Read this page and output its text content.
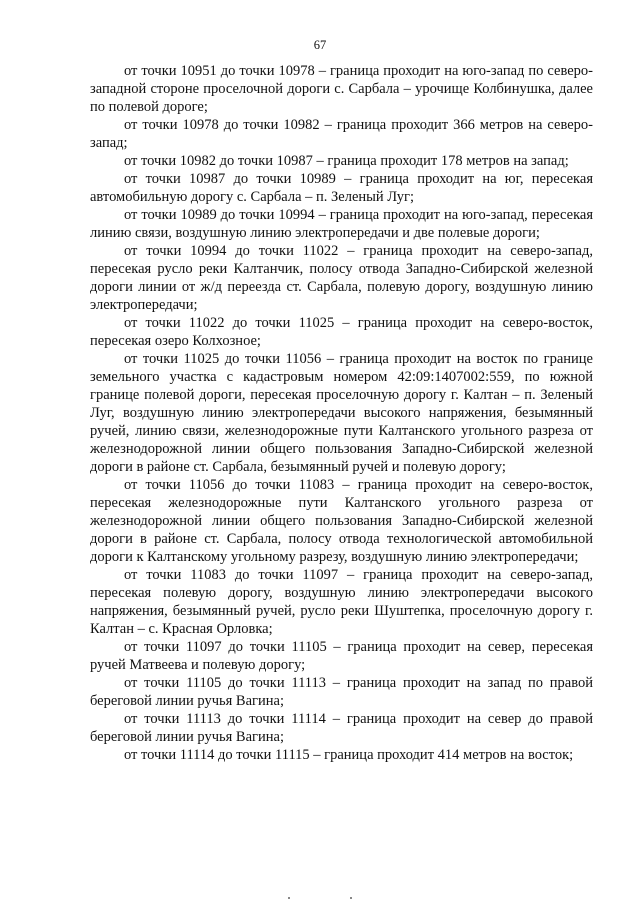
67

от точки 10951 до точки 10978 – граница проходит на юго-запад по северо-западной стороне проселочной дороги с. Сарбала – урочище Колбинушка, далее по полевой дороге;

от точки 10978 до точки 10982 – граница проходит 366 метров на северо-запад;

от точки 10982 до точки 10987 – граница проходит 178 метров на запад;

от точки 10987 до точки 10989 – граница проходит на юг, пересекая автомобильную дорогу с. Сарбала – п. Зеленый Луг;

от точки 10989 до точки 10994 – граница проходит на юго-запад, пересекая линию связи, воздушную линию электропередачи и две полевые дороги;

от точки 10994 до точки 11022 – граница проходит на северо-запад, пересекая русло реки Калтанчик, полосу отвода Западно-Сибирской железной дороги линии от ж/д переезда ст. Сарбала, полевую дорогу, воздушную линию электропередачи;

от точки 11022 до точки 11025 – граница проходит на северо-восток, пересекая озеро Колхозное;

от точки 11025 до точки 11056 – граница проходит на восток по границе земельного участка с кадастровым номером 42:09:1407002:559, по южной границе полевой дороги, пересекая проселочную дорогу г. Калтан – п. Зеленый Луг, воздушную линию электропередачи высокого напряжения, безымянный ручей, линию связи, железнодорожные пути Калтанского угольного разреза от железнодорожной линии общего пользования Западно-Сибирской железной дороги в районе ст. Сарбала, безымянный ручей и полевую дорогу;

от точки 11056 до точки 11083 – граница проходит на северо-восток, пересекая железнодорожные пути Калтанского угольного разреза от железнодорожной линии общего пользования Западно-Сибирской железной дороги в районе ст. Сарбала, полосу отвода технологической автомобильной дороги к Калтанскому угольному разрезу, воздушную линию электропередачи;

от точки 11083 до точки 11097 – граница проходит на северо-запад, пересекая полевую дорогу, воздушную линию электропередачи высокого напряжения, безымянный ручей, русло реки Шуштепка, проселочную дорогу г. Калтан – с. Красная Орловка;

от точки 11097 до точки 11105 – граница проходит на север, пересекая ручей Матвеева и полевую дорогу;

от точки 11105 до точки 11113 – граница проходит на запад по правой береговой линии ручья Вагина;

от точки 11113 до точки 11114 – граница проходит на север до правой береговой линии ручья Вагина;

от точки 11114 до точки 11115 – граница проходит 414 метров на восток;
